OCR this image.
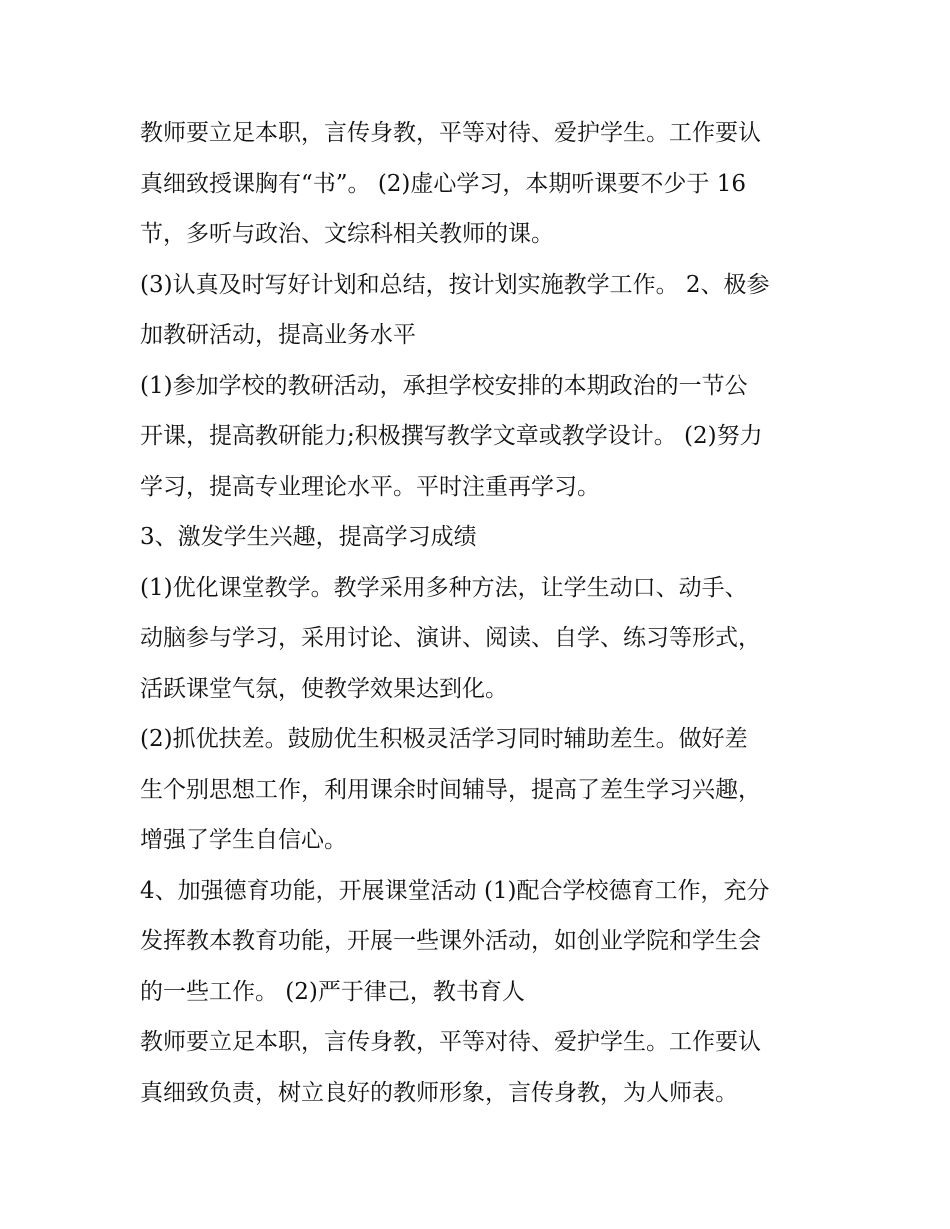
教师要立足本职，言传身教，平等对待、爱护学生。工作要认
真细致授课胸有“书”。 (2)虚心学习，本期听课要不少于 16
节，多听与政治、文综科相关教师的课。
(3)认真及时写好计划和总结，按计划实施教学工作。 2、极参
加教研活动，提高业务水平
(1)参加学校的教研活动，承担学校安排的本期政治的一节公
开课，提高教研能力;积极撰写教学文章或教学设计。 (2)努力
学习，提高专业理论水平。平时注重再学习。
3、激发学生兴趣，提高学习成绩
(1)优化课堂教学。教学采用多种方法，让学生动口、动手、
动脑参与学习，采用讨论、演讲、阅读、自学、练习等形式，
活跃课堂气氛，使教学效果达到化。
(2)抓优扶差。鼓励优生积极灵活学习同时辅助差生。做好差
生个别思想工作，利用课余时间辅导，提高了差生学习兴趣，
增强了学生自信心。
4、加强德育功能，开展课堂活动 (1)配合学校德育工作，充分
发挥教本教育功能，开展一些课外活动，如创业学院和学生会
的一些工作。 (2)严于律己，教书育人
教师要立足本职，言传身教，平等对待、爱护学生。工作要认
真细致负责，树立良好的教师形象，言传身教，为人师表。
